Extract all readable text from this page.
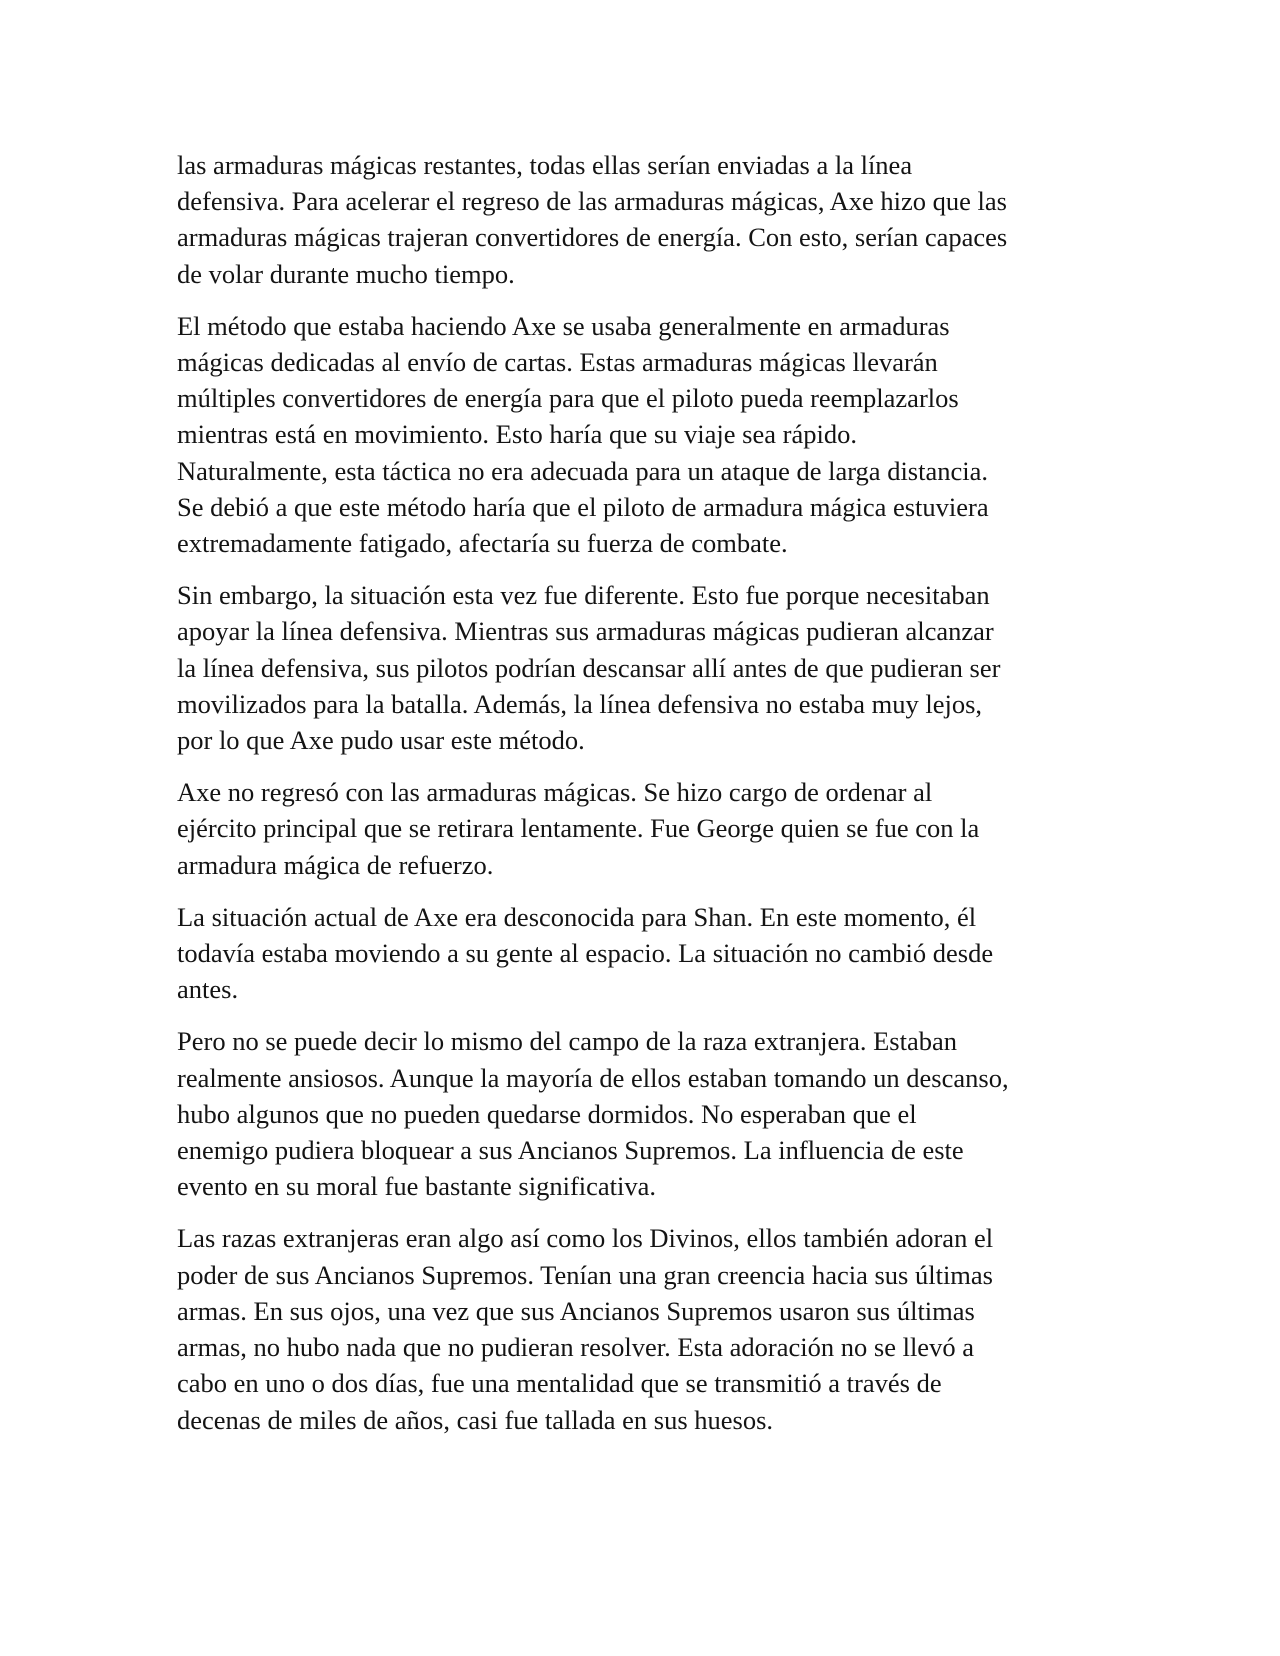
las armaduras mágicas restantes, todas ellas serían enviadas a la línea
defensiva. Para acelerar el regreso de las armaduras mágicas, Axe hizo que las
armaduras mágicas trajeran convertidores de energía. Con esto, serían capaces
de volar durante mucho tiempo.

El método que estaba haciendo Axe se usaba generalmente en armaduras
mágicas dedicadas al envío de cartas. Estas armaduras mágicas llevarán
múltiples convertidores de energía para que el piloto pueda reemplazarlos
mientras está en movimiento. Esto haría que su viaje sea rápido.
Naturalmente, esta táctica no era adecuada para un ataque de larga distancia.
Se debió a que este método haría que el piloto de armadura mágica estuviera
extremadamente fatigado, afectaría su fuerza de combate.

Sin embargo, la situación esta vez fue diferente. Esto fue porque necesitaban
apoyar la línea defensiva. Mientras sus armaduras mágicas pudieran alcanzar
la línea defensiva, sus pilotos podrían descansar allí antes de que pudieran ser
movilizados para la batalla. Además, la línea defensiva no estaba muy lejos,
por lo que Axe pudo usar este método.

Axe no regresó con las armaduras mágicas. Se hizo cargo de ordenar al
ejército principal que se retirara lentamente. Fue George quien se fue con la
armadura mágica de refuerzo.

La situación actual de Axe era desconocida para Shan. En este momento, él
todavía estaba moviendo a su gente al espacio. La situación no cambió desde
antes.

Pero no se puede decir lo mismo del campo de la raza extranjera. Estaban
realmente ansiosos. Aunque la mayoría de ellos estaban tomando un descanso,
hubo algunos que no pueden quedarse dormidos. No esperaban que el
enemigo pudiera bloquear a sus Ancianos Supremos. La influencia de este
evento en su moral fue bastante significativa.

Las razas extranjeras eran algo así como los Divinos, ellos también adoran el
poder de sus Ancianos Supremos. Tenían una gran creencia hacia sus últimas
armas. En sus ojos, una vez que sus Ancianos Supremos usaron sus últimas
armas, no hubo nada que no pudieran resolver. Esta adoración no se llevó a
cabo en uno o dos días, fue una mentalidad que se transmitió a través de
decenas de miles de años, casi fue tallada en sus huesos.
